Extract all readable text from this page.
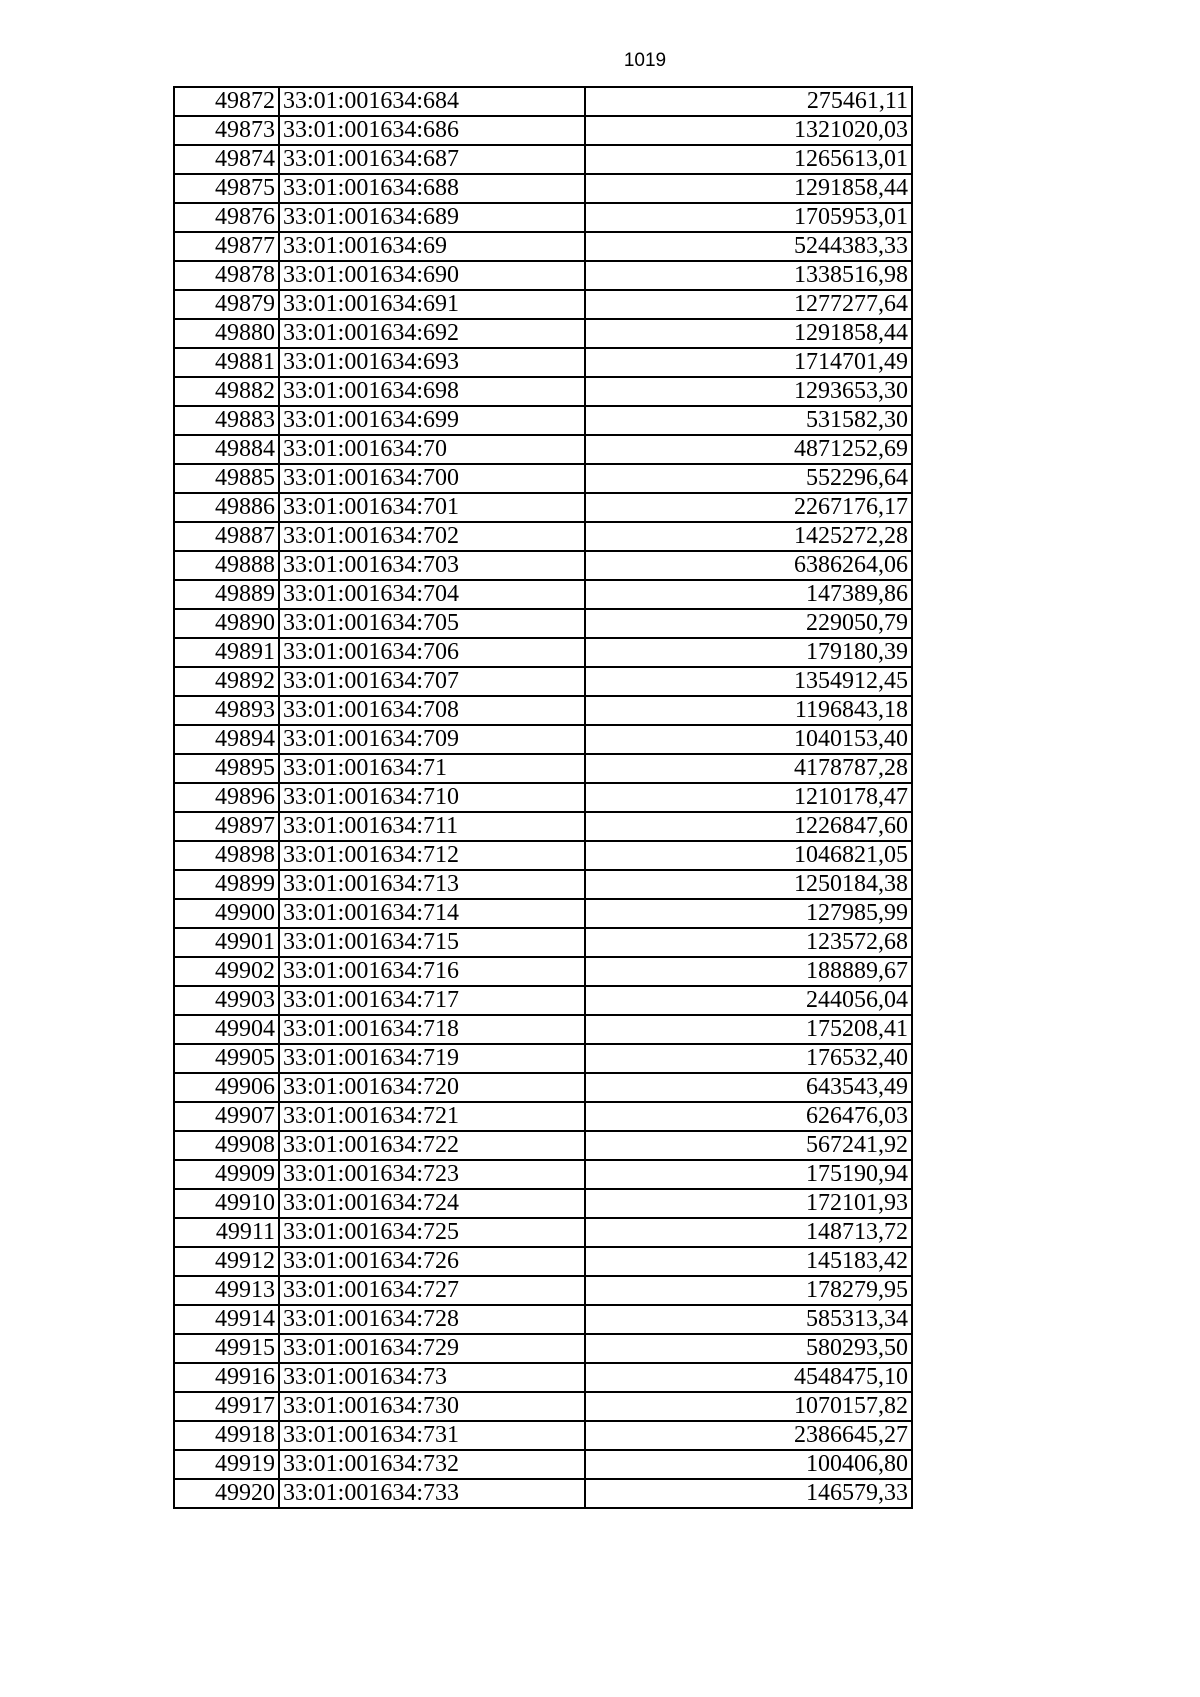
1019
49872	33:01:001634:684	275461,11
49873	33:01:001634:686	1321020,03
49874	33:01:001634:687	1265613,01
49875	33:01:001634:688	1291858,44
49876	33:01:001634:689	1705953,01
49877	33:01:001634:69	5244383,33
49878	33:01:001634:690	1338516,98
49879	33:01:001634:691	1277277,64
49880	33:01:001634:692	1291858,44
49881	33:01:001634:693	1714701,49
49882	33:01:001634:698	1293653,30
49883	33:01:001634:699	531582,30
49884	33:01:001634:70	4871252,69
49885	33:01:001634:700	552296,64
49886	33:01:001634:701	2267176,17
49887	33:01:001634:702	1425272,28
49888	33:01:001634:703	6386264,06
49889	33:01:001634:704	147389,86
49890	33:01:001634:705	229050,79
49891	33:01:001634:706	179180,39
49892	33:01:001634:707	1354912,45
49893	33:01:001634:708	1196843,18
49894	33:01:001634:709	1040153,40
49895	33:01:001634:71	4178787,28
49896	33:01:001634:710	1210178,47
49897	33:01:001634:711	1226847,60
49898	33:01:001634:712	1046821,05
49899	33:01:001634:713	1250184,38
49900	33:01:001634:714	127985,99
49901	33:01:001634:715	123572,68
49902	33:01:001634:716	188889,67
49903	33:01:001634:717	244056,04
49904	33:01:001634:718	175208,41
49905	33:01:001634:719	176532,40
49906	33:01:001634:720	643543,49
49907	33:01:001634:721	626476,03
49908	33:01:001634:722	567241,92
49909	33:01:001634:723	175190,94
49910	33:01:001634:724	172101,93
49911	33:01:001634:725	148713,72
49912	33:01:001634:726	145183,42
49913	33:01:001634:727	178279,95
49914	33:01:001634:728	585313,34
49915	33:01:001634:729	580293,50
49916	33:01:001634:73	4548475,10
49917	33:01:001634:730	1070157,82
49918	33:01:001634:731	2386645,27
49919	33:01:001634:732	100406,80
49920	33:01:001634:733	146579,33
